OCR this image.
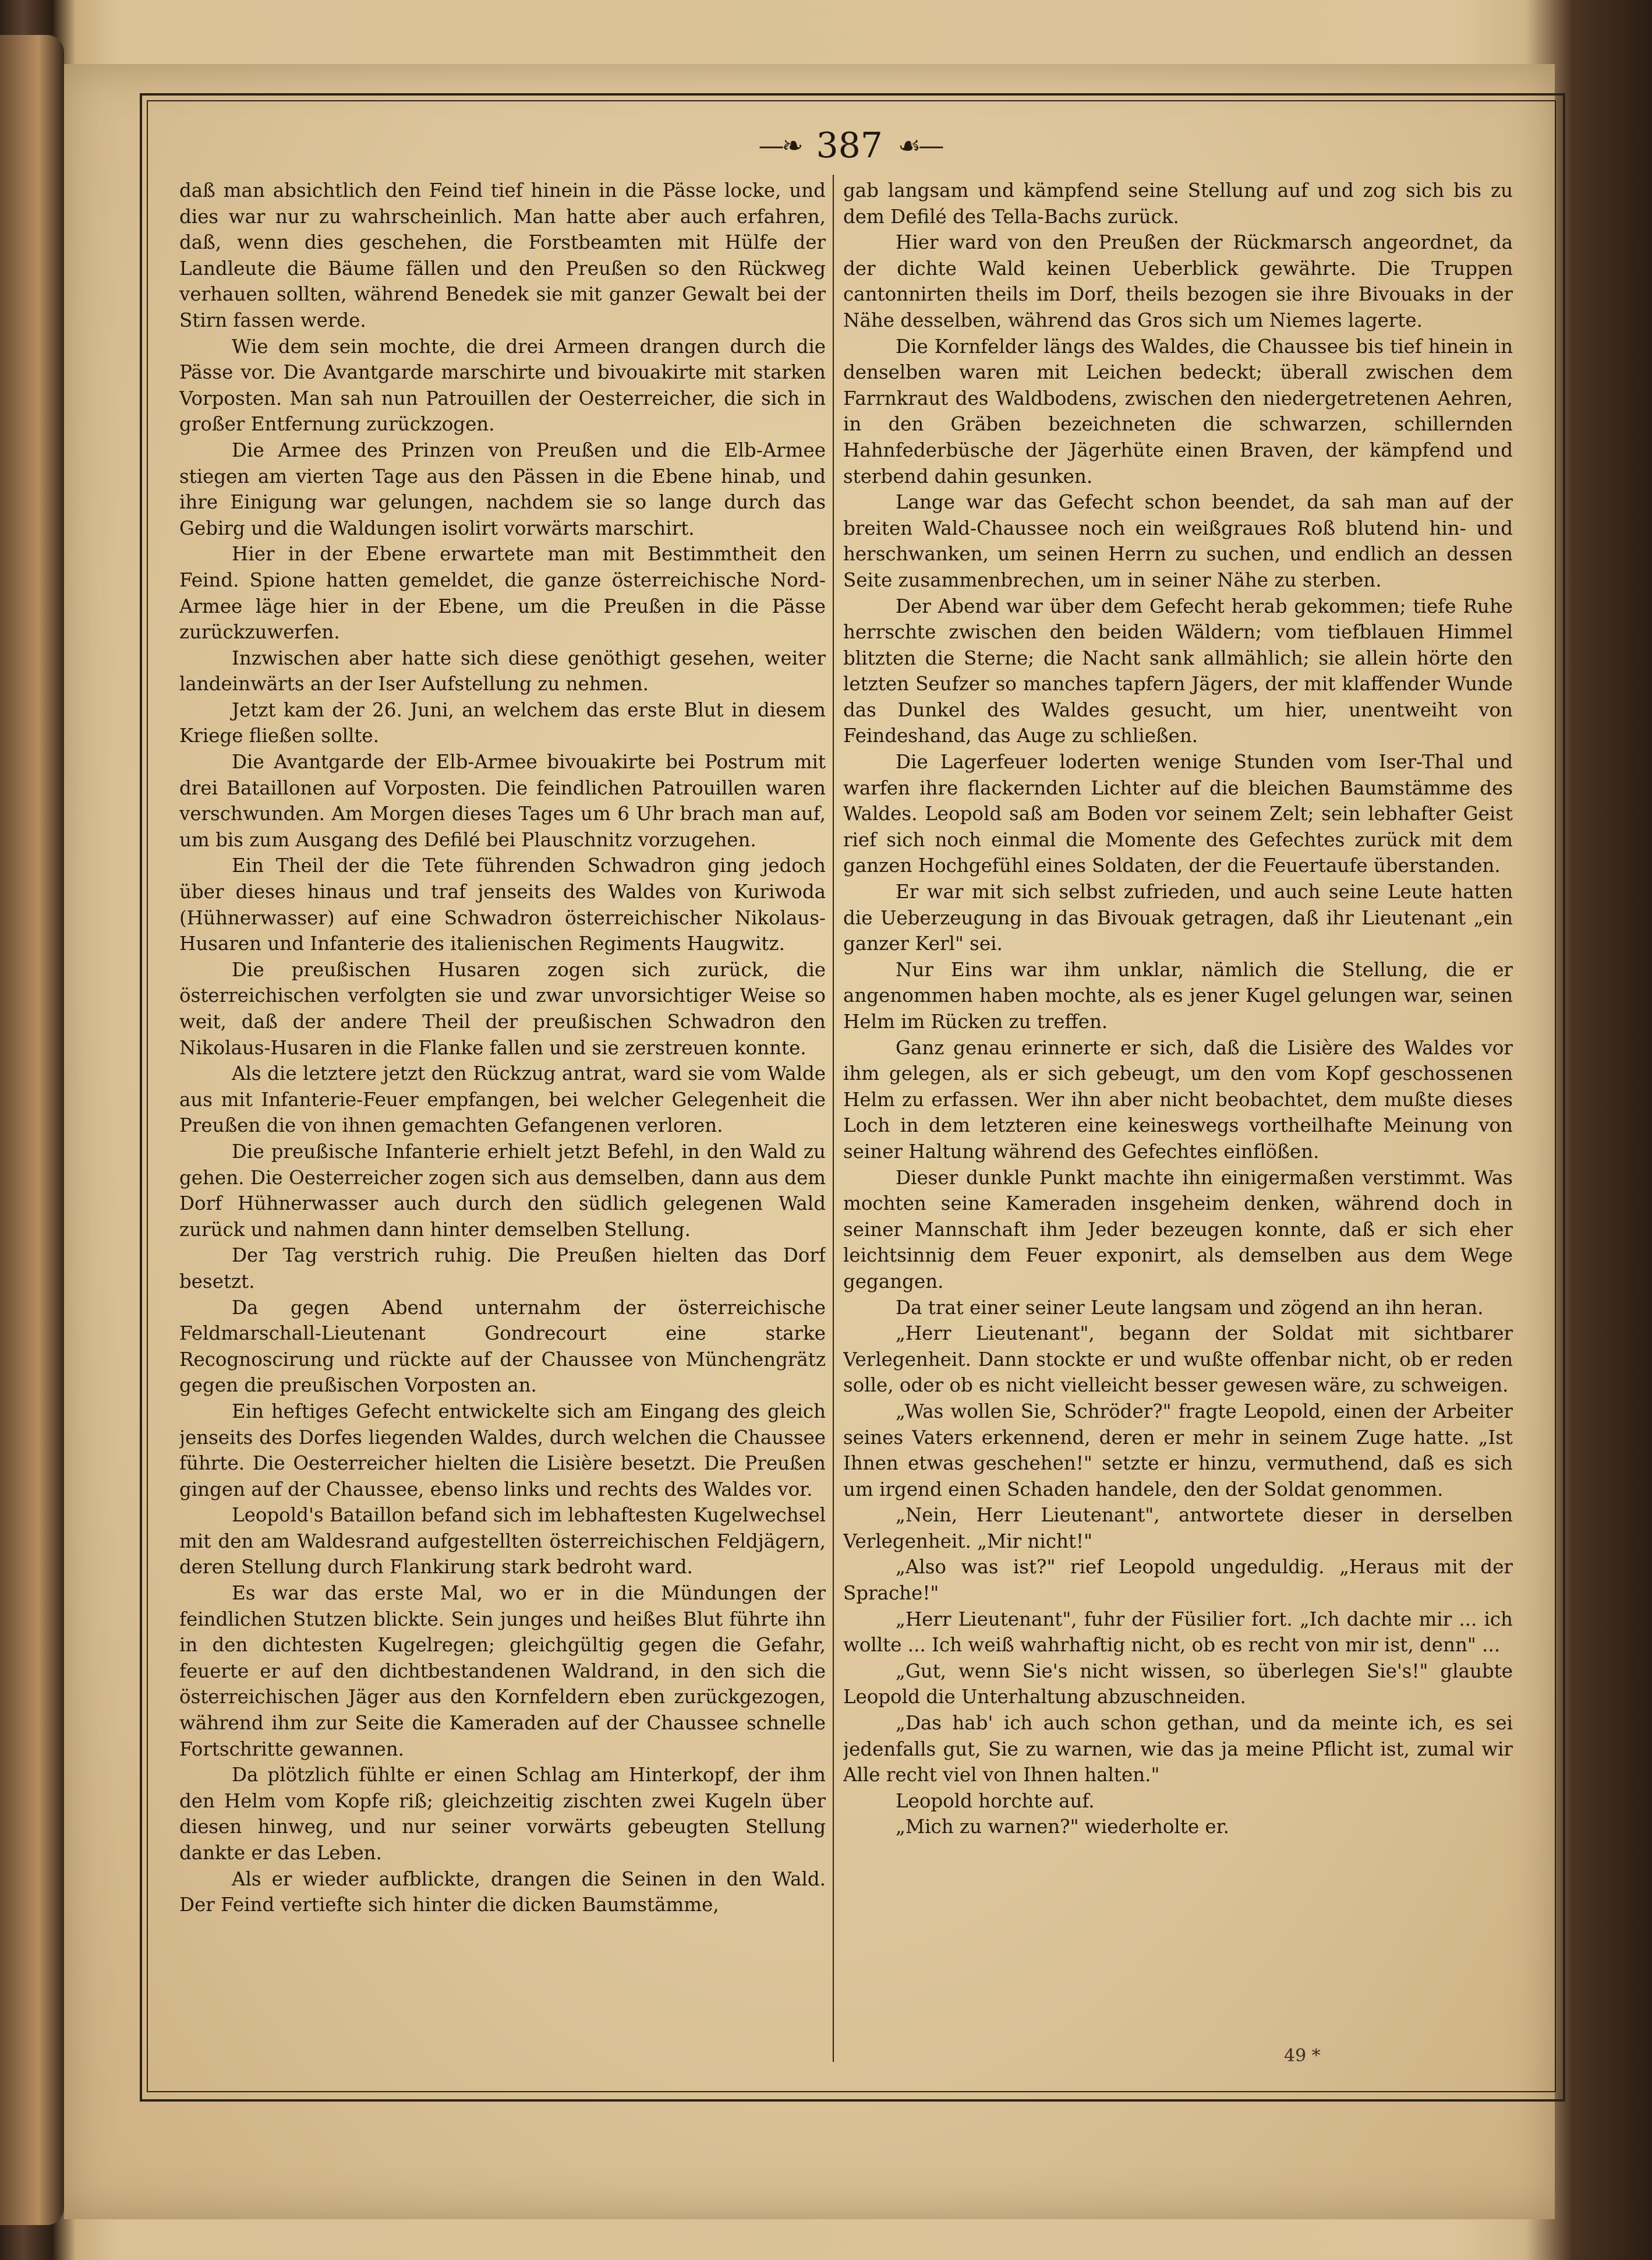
—❧ 387 ☙—

daß man absichtlich den Feind tief hinein in die Pässe locke, und dies war nur zu wahrscheinlich. Man hatte aber auch erfahren, daß, wenn dies geschehen, die Forstbeamten mit Hülfe der Landleute die Bäume fällen und den Preußen so den Rückweg verhauen sollten, während Benedek sie mit ganzer Gewalt bei der Stirn fassen werde.

Wie dem sein mochte, die drei Armeen drangen durch die Pässe vor. Die Avantgarde marschirte und bivouakirte mit starken Vorposten. Man sah nun Patrouillen der Oesterreicher, die sich in großer Entfernung zurückzogen.

Die Armee des Prinzen von Preußen und die Elb-Armee stiegen am vierten Tage aus den Pässen in die Ebene hinab, und ihre Einigung war gelungen, nachdem sie so lange durch das Gebirg und die Waldungen isolirt vorwärts marschirt.

Hier in der Ebene erwartete man mit Bestimmtheit den Feind. Spione hatten gemeldet, die ganze österreichische Nord-Armee läge hier in der Ebene, um die Preußen in die Pässe zurückzuwerfen.

Inzwischen aber hatte sich diese genöthigt gesehen, weiter landeinwärts an der Iser Aufstellung zu nehmen.

Jetzt kam der 26. Juni, an welchem das erste Blut in diesem Kriege fließen sollte.

Die Avantgarde der Elb-Armee bivouakirte bei Postrum mit drei Bataillonen auf Vorposten. Die feindlichen Patrouillen waren verschwunden. Am Morgen dieses Tages um 6 Uhr brach man auf, um bis zum Ausgang des Defilé bei Plauschnitz vorzugehen.

Ein Theil der die Tete führenden Schwadron ging jedoch über dieses hinaus und traf jenseits des Waldes von Kuriwoda (Hühnerwasser) auf eine Schwadron österreichischer Nikolaus-Husaren und Infanterie des italienischen Regiments Haugwitz.

Die preußischen Husaren zogen sich zurück, die österreichischen verfolgten sie und zwar unvorsichtiger Weise so weit, daß der andere Theil der preußischen Schwadron den Nikolaus-Husaren in die Flanke fallen und sie zerstreuen konnte.

Als die letztere jetzt den Rückzug antrat, ward sie vom Walde aus mit Infanterie-Feuer empfangen, bei welcher Gelegenheit die Preußen die von ihnen gemachten Gefangenen verloren.

Die preußische Infanterie erhielt jetzt Befehl, in den Wald zu gehen. Die Oesterreicher zogen sich aus demselben, dann aus dem Dorf Hühnerwasser auch durch den südlich gelegenen Wald zurück und nahmen dann hinter demselben Stellung.

Der Tag verstrich ruhig. Die Preußen hielten das Dorf besetzt.

Da gegen Abend unternahm der österreichische Feldmarschall-Lieutenant Gondrecourt eine starke Recognoscirung und rückte auf der Chaussee von Münchengrätz gegen die preußischen Vorposten an.

Ein heftiges Gefecht entwickelte sich am Eingang des gleich jenseits des Dorfes liegenden Waldes, durch welchen die Chaussee führte. Die Oesterreicher hielten die Lisière besetzt. Die Preußen gingen auf der Chaussee, ebenso links und rechts des Waldes vor.

Leopold's Bataillon befand sich im lebhaftesten Kugelwechsel mit den am Waldesrand aufgestellten österreichischen Feldjägern, deren Stellung durch Flankirung stark bedroht ward.

Es war das erste Mal, wo er in die Mündungen der feindlichen Stutzen blickte. Sein junges und heißes Blut führte ihn in den dichtesten Kugelregen; gleichgültig gegen die Gefahr, feuerte er auf den dichtbestandenen Waldrand, in den sich die österreichischen Jäger aus den Kornfeldern eben zurückgezogen, während ihm zur Seite die Kameraden auf der Chaussee schnelle Fortschritte gewannen.

Da plötzlich fühlte er einen Schlag am Hinterkopf, der ihm den Helm vom Kopfe riß; gleichzeitig zischten zwei Kugeln über diesen hinweg, und nur seiner vorwärts gebeugten Stellung dankte er das Leben.

Als er wieder aufblickte, drangen die Seinen in den Wald. Der Feind vertiefte sich hinter die dicken Baumstämme,

gab langsam und kämpfend seine Stellung auf und zog sich bis zu dem Defilé des Tella-Bachs zurück.

Hier ward von den Preußen der Rückmarsch angeordnet, da der dichte Wald keinen Ueberblick gewährte. Die Truppen cantonnirten theils im Dorf, theils bezogen sie ihre Bivouaks in der Nähe desselben, während das Gros sich um Niemes lagerte.

Die Kornfelder längs des Waldes, die Chaussee bis tief hinein in denselben waren mit Leichen bedeckt; überall zwischen dem Farrnkraut des Waldbodens, zwischen den niedergetretenen Aehren, in den Gräben bezeichneten die schwarzen, schillernden Hahnfederbüsche der Jägerhüte einen Braven, der kämpfend und sterbend dahin gesunken.

Lange war das Gefecht schon beendet, da sah man auf der breiten Wald-Chaussee noch ein weißgraues Roß blutend hin- und herschwanken, um seinen Herrn zu suchen, und endlich an dessen Seite zusammenbrechen, um in seiner Nähe zu sterben.

Der Abend war über dem Gefecht herab gekommen; tiefe Ruhe herrschte zwischen den beiden Wäldern; vom tiefblauen Himmel blitzten die Sterne; die Nacht sank allmählich; sie allein hörte den letzten Seufzer so manches tapfern Jägers, der mit klaffender Wunde das Dunkel des Waldes gesucht, um hier, unentweiht von Feindeshand, das Auge zu schließen.

Die Lagerfeuer loderten wenige Stunden vom Iser-Thal und warfen ihre flackernden Lichter auf die bleichen Baumstämme des Waldes. Leopold saß am Boden vor seinem Zelt; sein lebhafter Geist rief sich noch einmal die Momente des Gefechtes zurück mit dem ganzen Hochgefühl eines Soldaten, der die Feuertaufe überstanden.

Er war mit sich selbst zufrieden, und auch seine Leute hatten die Ueberzeugung in das Bivouak getragen, daß ihr Lieutenant „ein ganzer Kerl" sei.

Nur Eins war ihm unklar, nämlich die Stellung, die er angenommen haben mochte, als es jener Kugel gelungen war, seinen Helm im Rücken zu treffen.

Ganz genau erinnerte er sich, daß die Lisière des Waldes vor ihm gelegen, als er sich gebeugt, um den vom Kopf geschossenen Helm zu erfassen. Wer ihn aber nicht beobachtet, dem mußte dieses Loch in dem letzteren eine keineswegs vortheilhafte Meinung von seiner Haltung während des Gefechtes einflößen.

Dieser dunkle Punkt machte ihn einigermaßen verstimmt. Was mochten seine Kameraden insgeheim denken, während doch in seiner Mannschaft ihm Jeder bezeugen konnte, daß er sich eher leichtsinnig dem Feuer exponirt, als demselben aus dem Wege gegangen.

Da trat einer seiner Leute langsam und zögend an ihn heran.

„Herr Lieutenant", begann der Soldat mit sichtbarer Verlegenheit. Dann stockte er und wußte offenbar nicht, ob er reden solle, oder ob es nicht vielleicht besser gewesen wäre, zu schweigen.

„Was wollen Sie, Schröder?" fragte Leopold, einen der Arbeiter seines Vaters erkennend, deren er mehr in seinem Zuge hatte. „Ist Ihnen etwas geschehen!" setzte er hinzu, vermuthend, daß es sich um irgend einen Schaden handele, den der Soldat genommen.

„Nein, Herr Lieutenant", antwortete dieser in derselben Verlegenheit. „Mir nicht!"

„Also was ist?" rief Leopold ungeduldig. „Heraus mit der Sprache!"

„Herr Lieutenant", fuhr der Füsilier fort. „Ich dachte mir ... ich wollte ... Ich weiß wahrhaftig nicht, ob es recht von mir ist, denn" ...

„Gut, wenn Sie's nicht wissen, so überlegen Sie's!" glaubte Leopold die Unterhaltung abzuschneiden.

„Das hab' ich auch schon gethan, und da meinte ich, es sei jedenfalls gut, Sie zu warnen, wie das ja meine Pflicht ist, zumal wir Alle recht viel von Ihnen halten."

Leopold horchte auf.

„Mich zu warnen?" wiederholte er.

49 *
